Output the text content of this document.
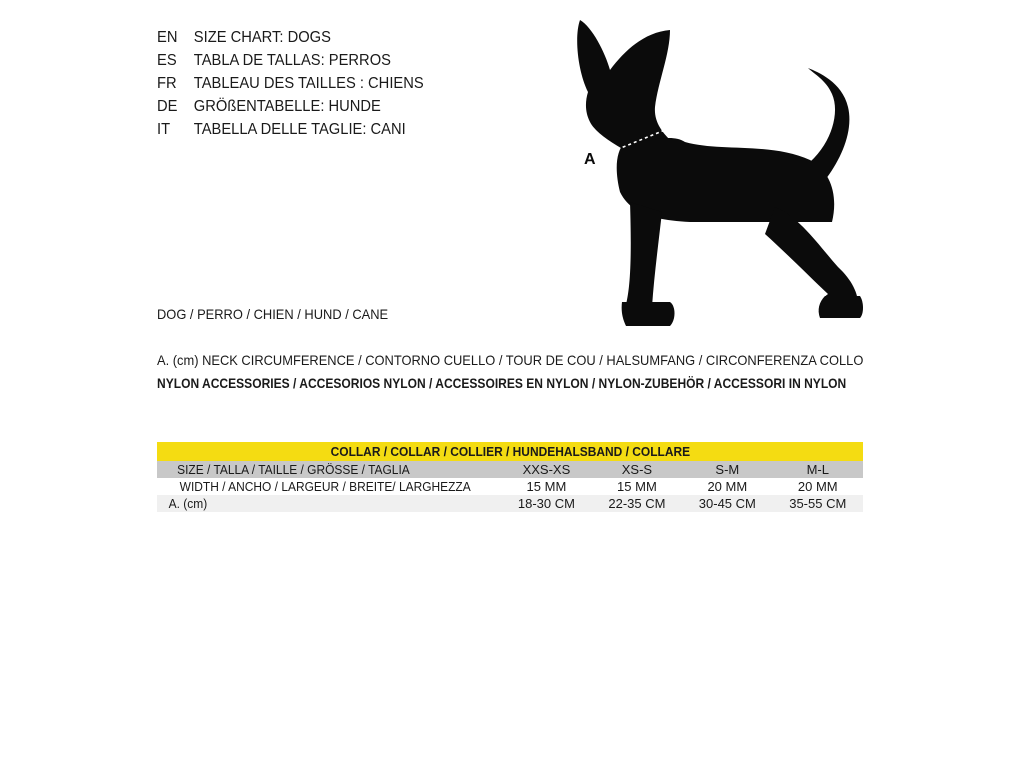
EN	SIZE CHART: DOGS
ES	TABLA DE TALLAS: PERROS
FR	TABLEAU DES TAILLES : CHIENS
DE	GRÖßENTABELLE: HUNDE
IT	TABELLA DELLE TAGLIE: CANI
A
DOG / PERRO / CHIEN / HUND / CANE
A. (cm) NECK CIRCUMFERENCE / CONTORNO CUELLO / TOUR DE COU / HALSUMFANG / CIRCONFERENZA COLLO
NYLON ACCESSORIES / ACCESORIOS NYLON / ACCESSOIRES EN NYLON / NYLON-ZUBEHÖR / ACCESSORI IN NYLON
COLLAR / COLLAR / COLLIER / HUNDEHALSBAND / COLLARE				
SIZE / TALLA / TAILLE / GRÖSSE / TAGLIA	XXS-XS	XS-S	S-M	M-L
WIDTH / ANCHO / LARGEUR / BREITE/ LARGHEZZA	15 MM	15 MM	20 MM	20 MM
A. (cm)	18-30 CM	22-35 CM	30-45 CM	35-55 CM
